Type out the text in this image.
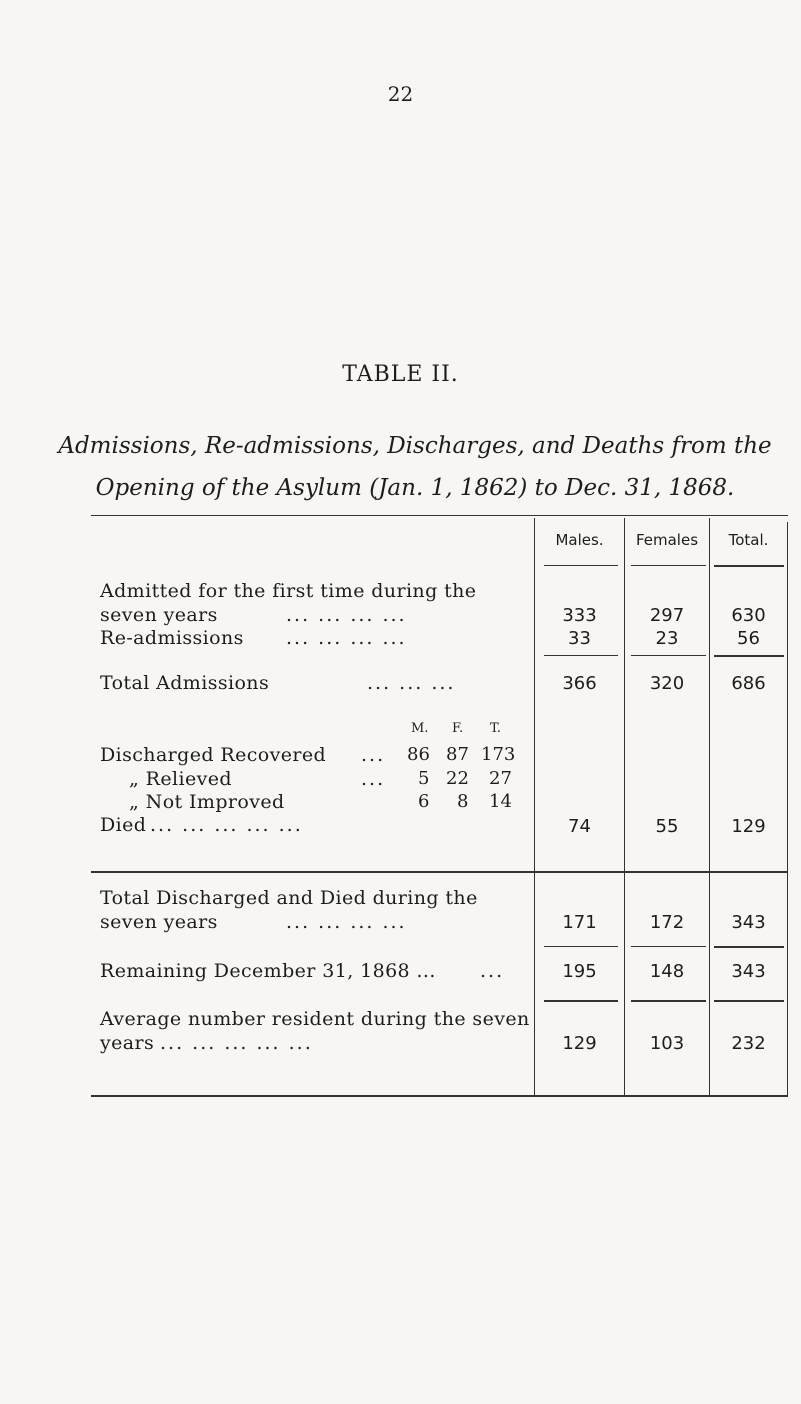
22
TABLE II.
Admissions, Re-admissions, Discharges, and Deaths from the
Opening of the Asylum (Jan. 1, 1862) to Dec. 31, 1868.
Males.	Females	Total.
Admitted for the first time during the
seven years	... ... ... ...	333	297	630
Re-admissions ... ... ... ...	33	23	56
Total Admissions	... ... ...	366	320	686
M. F. T.
Discharged Recovered ... 86 87 173
„ Relieved	... 5 22 27
„ Not Improved	6 8 14
Died ... ... ... ... ...	74	55	129
Total Discharged and Died during the
seven years	... ... ... ...	171	172	343
Remaining December 31, 1868 ... ...	195	148	343
Average number resident during the seven
years ... ... ... ... ...	129	103	232
